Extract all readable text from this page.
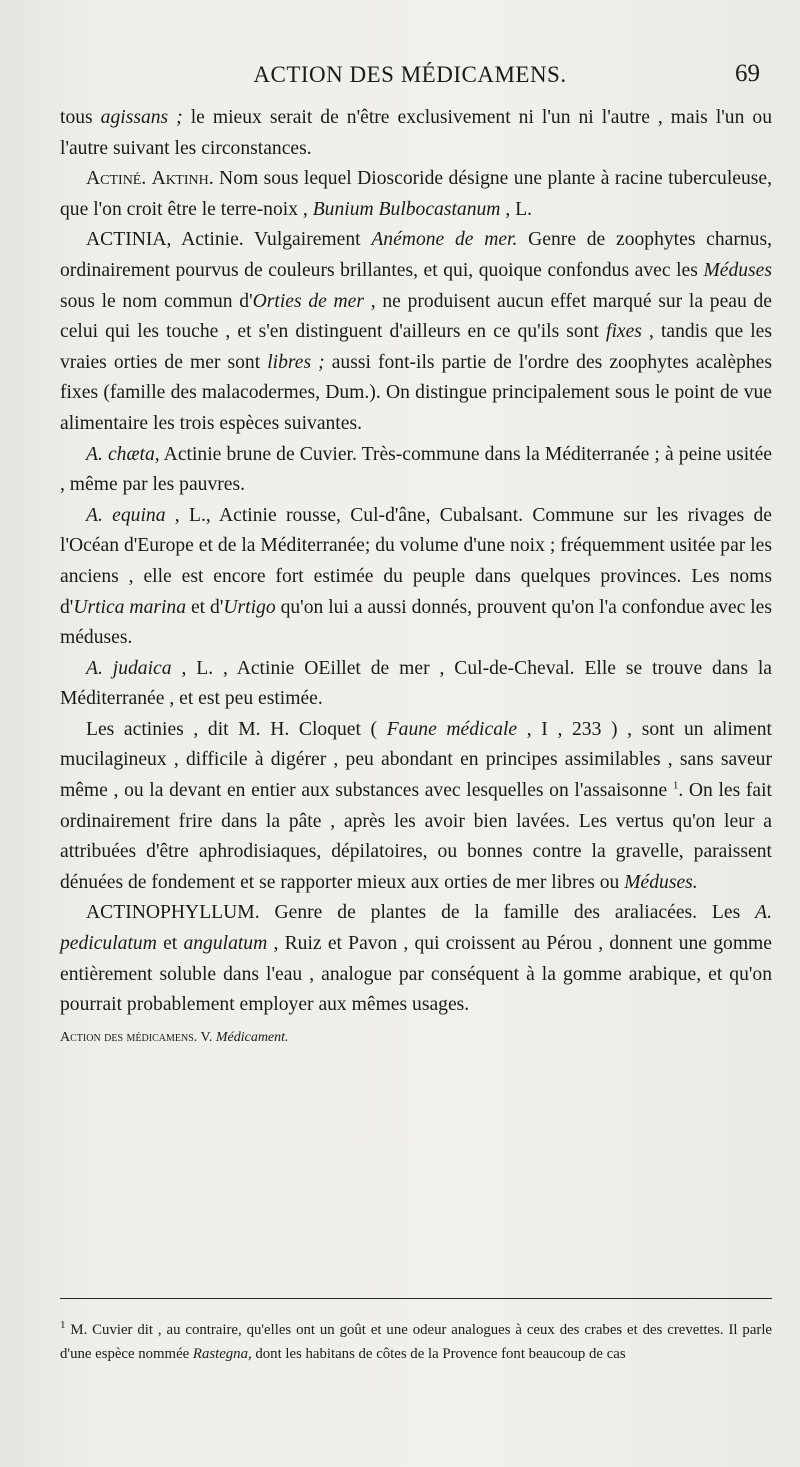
ACTION DES MÉDICAMENS.	69

tous agissans ; le mieux serait de n'être exclusivement ni l'un ni l'autre , mais l'un ou l'autre suivant les circonstances.

Actiné. Ακτινη. Nom sous lequel Dioscoride désigne une plante à racine tuberculeuse, que l'on croit être le terre-noix , Bunium Bulbocastanum , L.

ACTINIA, Actinie. Vulgairement Anémone de mer. Genre de zoophytes charnus, ordinairement pourvus de couleurs brillantes, et qui, quoique confondus avec les Méduses sous le nom commun d'Orties de mer , ne produisent aucun effet marqué sur la peau de celui qui les touche , et s'en distinguent d'ailleurs en ce qu'ils sont fixes , tandis que les vraies orties de mer sont libres ; aussi font-ils partie de l'ordre des zoophytes acalèphes fixes (famille des malacodermes, Dum.). On distingue principalement sous le point de vue alimentaire les trois espèces suivantes.

A. chæta, Actinie brune de Cuvier. Très-commune dans la Méditerranée ; à peine usitée , même par les pauvres.

A. equina , L., Actinie rousse, Cul-d'âne, Cubalsant. Commune sur les rivages de l'Océan d'Europe et de la Méditerranée; du volume d'une noix ; fréquemment usitée par les anciens , elle est encore fort estimée du peuple dans quelques provinces. Les noms d'Urtica marina et d'Urtigo qu'on lui a aussi donnés, prouvent qu'on l'a confondue avec les méduses.

A. judaica , L. , Actinie OEillet de mer , Cul-de-Cheval. Elle se trouve dans la Méditerranée , et est peu estimée.

Les actinies , dit M. H. Cloquet ( Faune médicale , I , 233 ) , sont un aliment mucilagineux , difficile à digérer , peu abondant en principes assimilables , sans saveur même , ou la devant en entier aux substances avec lesquelles on l'assaisonne $^1$. On les fait ordinairement frire dans la pâte , après les avoir bien lavées. Les vertus qu'on leur a attribuées d'être aphrodisiaques, dépilatoires, ou bonnes contre la gravelle, paraissent dénuées de fondement et se rapporter mieux aux orties de mer libres ou Méduses.

ACTINOPHYLLUM. Genre de plantes de la famille des araliacées. Les A. pediculatum et angulatum , Ruiz et Pavon , qui croissent au Pérou , donnent une gomme entièrement soluble dans l'eau , analogue par conséquent à la gomme arabique, et qu'on pourrait probablement employer aux mêmes usages.

Action des médicamens. V. Médicament.

$^1$ M. Cuvier dit , au contraire, qu'elles ont un goût et une odeur analogues à ceux des crabes et des crevettes. Il parle d'une espèce nommée Rastegna, dont les habitans de côtes de la Provence font beaucoup de cas
